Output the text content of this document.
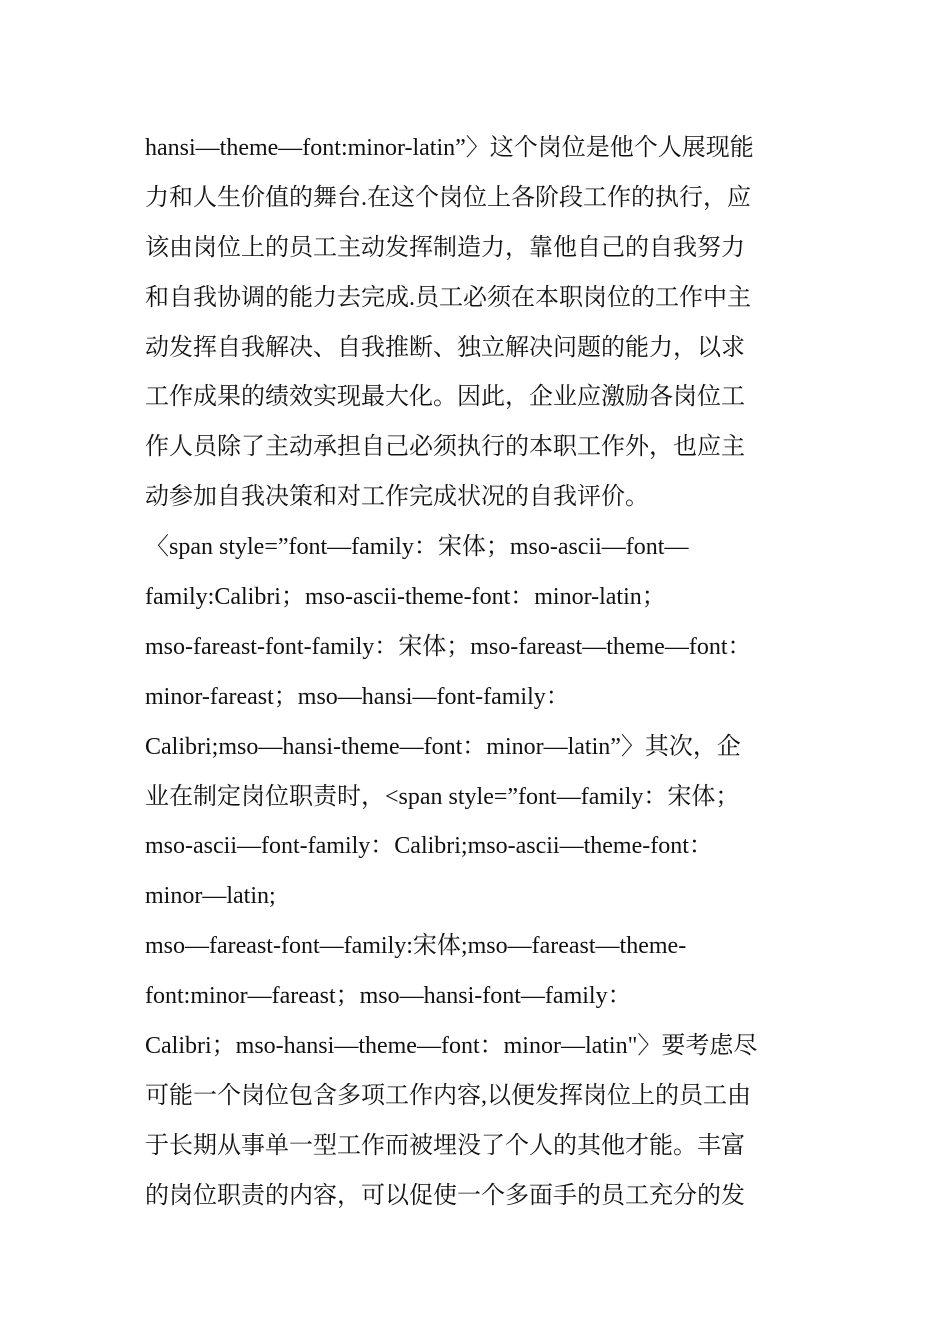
hansi—theme—font:minor-latin”〉这个岗位是他个人展现能
力和人生价值的舞台.在这个岗位上各阶段工作的执行，应
该由岗位上的员工主动发挥制造力，靠他自己的自我努力
和自我协调的能力去完成.员工必须在本职岗位的工作中主
动发挥自我解决、自我推断、独立解决问题的能力，以求
工作成果的绩效实现最大化。因此，企业应激励各岗位工
作人员除了主动承担自己必须执行的本职工作外，也应主
动参加自我决策和对工作完成状况的自我评价。
〈span style=”font—family：宋体；mso-ascii—font—
family:Calibri；mso-ascii-theme-font：minor-latin；
mso-fareast-font-family：宋体；mso-fareast—theme—font：
minor-fareast；mso—hansi—font-family：
Calibri;mso—hansi-theme—font：minor—latin”〉其次，企
业在制定岗位职责时，<span style=”font—family：宋体；
mso-ascii—font-family：Calibri;mso-ascii—theme-font：
minor—latin;
mso—fareast-font—family:宋体;mso—fareast—theme-
font:minor—fareast；mso—hansi-font—family：
Calibri；mso-hansi—theme—font：minor—latin"〉要考虑尽
可能一个岗位包含多项工作内容,以便发挥岗位上的员工由
于长期从事单一型工作而被埋没了个人的其他才能。丰富
的岗位职责的内容，可以促使一个多面手的员工充分的发
